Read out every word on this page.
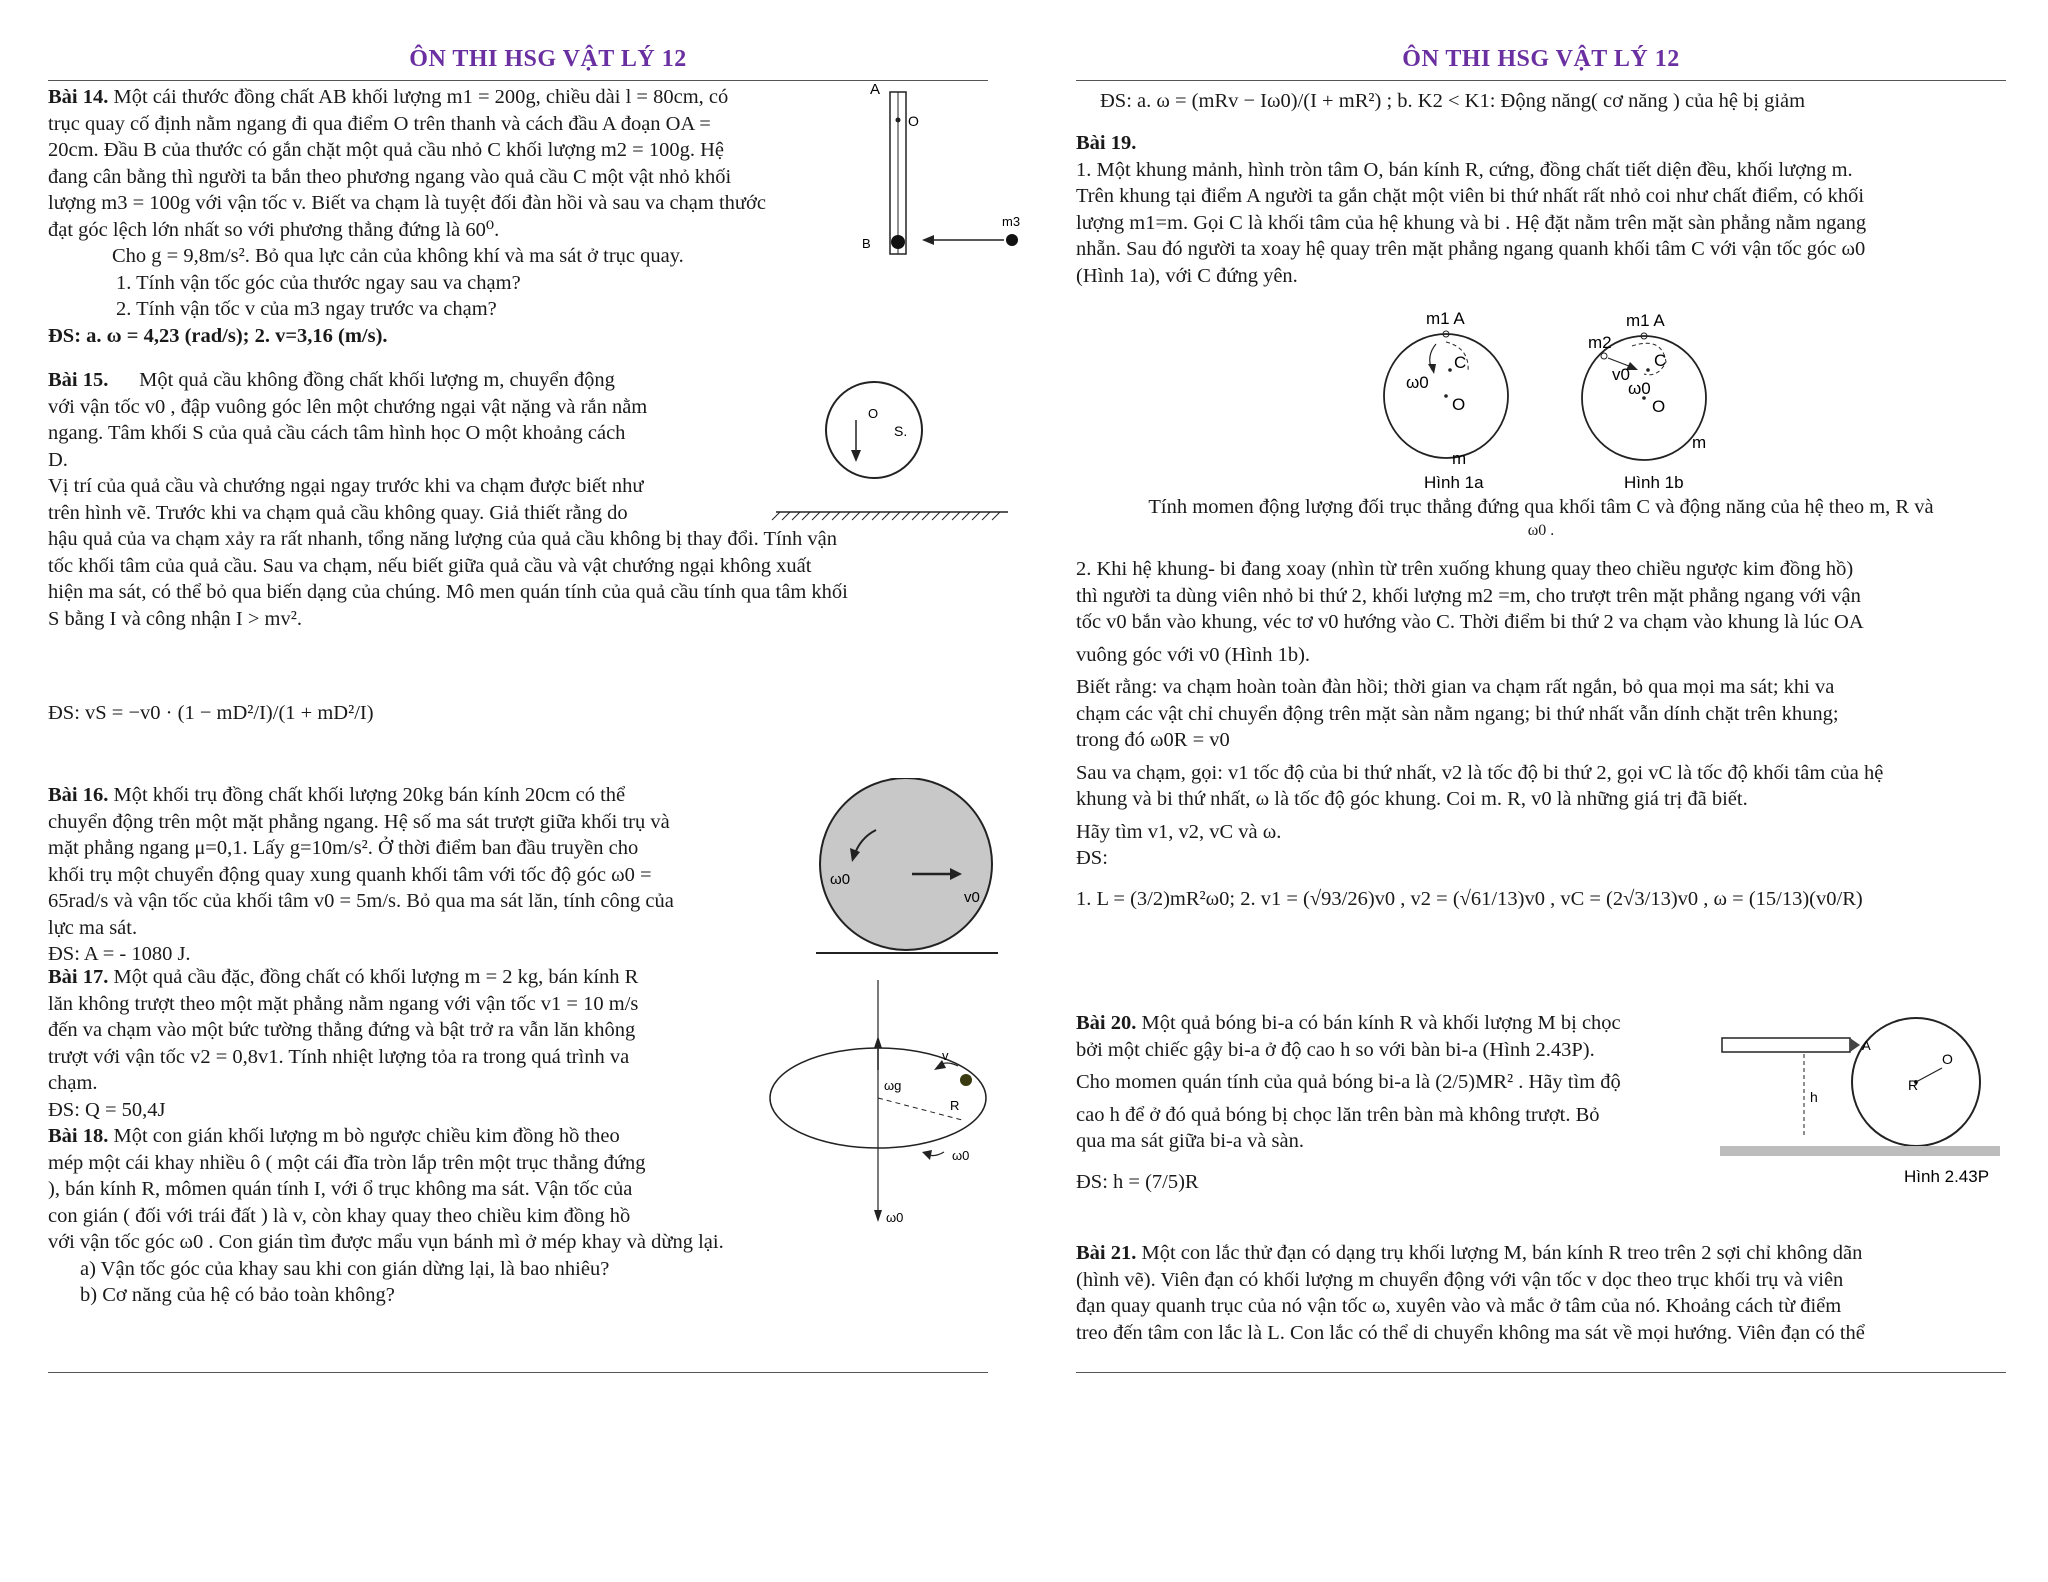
ÔN THI HSG VẬT LÝ 12

Bài 14. Một cái thước đồng chất AB khối lượng m1 = 200g, chiều dài l = 80cm, có

trục quay cố định nằm ngang đi qua điểm O trên thanh và cách đầu A đoạn OA =

20cm. Đầu B của thước có gắn chặt một quả cầu nhỏ C khối lượng m2 = 100g. Hệ

đang cân bằng thì người ta bắn theo phương ngang vào quả cầu C một vật nhỏ khối

lượng m3 = 100g với vận tốc v. Biết va chạm là tuyệt đối đàn hồi và sau va chạm thước

đạt góc lệch lớn nhất so với phương thẳng đứng là 60⁰.

Cho g = 9,8m/s². Bỏ qua lực cản của không khí và ma sát ở trục quay.

1. Tính vận tốc góc của thước ngay sau va chạm?

2. Tính vận tốc v của m3 ngay trước va chạm?

ĐS: a. ω = 4,23 (rad/s); 2. v=3,16 (m/s).

A
O
B
m3

Bài 15. Một quả cầu không đồng chất khối lượng m, chuyển động

với vận tốc v0 , đập vuông góc lên một chướng ngại vật nặng và rắn nằm

ngang. Tâm khối S của quả cầu cách tâm hình học O một khoảng cách

D.

Vị trí của quả cầu và chướng ngại ngay trước khi va chạm được biết như

trên hình vẽ. Trước khi va chạm quả cầu không quay. Giả thiết rằng do

hậu quả của va chạm xảy ra rất nhanh, tổng năng lượng của quả cầu không bị thay đổi. Tính vận

tốc khối tâm của quả cầu. Sau va chạm, nếu biết giữa quả cầu và vật chướng ngại không xuất

hiện ma sát, có thể bỏ qua biến dạng của chúng. Mô men quán tính của quả cầu tính qua tâm khối

S bằng I và công nhận I > mv².

ĐS: vS = −v0 · (1 − mD²/I)/(1 + mD²/I)

O
S.

Bài 16. Một khối trụ đồng chất khối lượng 20kg bán kính 20cm có thể

chuyển động trên một mặt phẳng ngang. Hệ số ma sát trượt giữa khối trụ và

mặt phẳng ngang μ=0,1. Lấy g=10m/s². Ở thời điểm ban đầu truyền cho

khối trụ một chuyển động quay xung quanh khối tâm với tốc độ góc ω0 =

65rad/s và vận tốc của khối tâm v0 = 5m/s. Bỏ qua ma sát lăn, tính công của

lực ma sát.

ĐS: A = - 1080 J.

ω0
v0

Bài 17. Một quả cầu đặc, đồng chất có khối lượng m = 2 kg, bán kính R

lăn không trượt theo một mặt phẳng nằm ngang với vận tốc v1 = 10 m/s

đến va chạm vào một bức tường thẳng đứng và bật trở ra vẫn lăn không

trượt với vận tốc v2 = 0,8v1. Tính nhiệt lượng tỏa ra trong quá trình va

chạm.

ĐS: Q = 50,4J

Bài 18. Một con gián khối lượng m bò ngược chiều kim đồng hồ theo

mép một cái khay nhiều ô ( một cái đĩa tròn lắp trên một trục thẳng đứng

), bán kính R, mômen quán tính I, với ổ trục không ma sát. Vận tốc của

con gián ( đối với trái đất ) là v, còn khay quay theo chiều kim đồng hồ

với vận tốc góc ω0 . Con gián tìm được mẩu vụn bánh mì ở mép khay và dừng lại.

a) Vận tốc góc của khay sau khi con gián dừng lại, là bao nhiêu?

b) Cơ năng của hệ có bảo toàn không?

v
ωg
R
ω0
ω0
ÔN THI HSG VẬT LÝ 12

ĐS: a. ω = (mRv − Iω0)/(I + mR²) ; b. K2 < K1: Động năng( cơ năng ) của hệ bị giảm

Bài 19.

1. Một khung mảnh, hình tròn tâm O, bán kính R, cứng, đồng chất tiết diện đều, khối lượng m.

Trên khung tại điểm A người ta gắn chặt một viên bi thứ nhất rất nhỏ coi như chất điểm, có khối

lượng m1=m. Gọi C là khối tâm của hệ khung và bi . Hệ đặt nằm trên mặt sàn phẳng nằm ngang

nhẵn. Sau đó người ta xoay hệ quay trên mặt phẳng ngang quanh khối tâm C với vận tốc góc ω0

(Hình 1a), với C đứng yên.

m1 A
C
O
ω0
m
Hình 1a
m1 A
m2
C
v0
ω0
O
m
Hình 1b

Tính momen động lượng đối trục thẳng đứng qua khối tâm C và động năng của hệ theo m, R và

ω0 .

2. Khi hệ khung- bi đang xoay (nhìn từ trên xuống khung quay theo chiều ngược kim đồng hồ)

thì người ta dùng viên nhỏ bi thứ 2, khối lượng m2 =m, cho trượt trên mặt phẳng ngang với vận

tốc v0 bắn vào khung, véc tơ v0 hướng vào C. Thời điểm bi thứ 2 va chạm vào khung là lúc OA

vuông góc với v0 (Hình 1b).

Biết rằng: va chạm hoàn toàn đàn hồi; thời gian va chạm rất ngắn, bỏ qua mọi ma sát; khi va

chạm các vật chỉ chuyển động trên mặt sàn nằm ngang; bi thứ nhất vẫn dính chặt trên khung;

trong đó ω0R = v0

Sau va chạm, gọi: v1 tốc độ của bi thứ nhất, v2 là tốc độ bi thứ 2, gọi vC là tốc độ khối tâm của hệ

khung và bi thứ nhất, ω là tốc độ góc khung. Coi m. R, v0 là những giá trị đã biết.

Hãy tìm v1, v2, vC và ω.

ĐS:

1. L = (3/2)mR²ω0; 2. v1 = (√93/26)v0 , v2 = (√61/13)v0 , vC = (2√3/13)v0 , ω = (15/13)(v0/R)

Bài 20. Một quả bóng bi-a có bán kính R và khối lượng M bị chọc

bởi một chiếc gậy bi-a ở độ cao h so với bàn bi-a (Hình 2.43P).

Cho momen quán tính của quả bóng bi-a là (2/5)MR² . Hãy tìm độ

cao h để ở đó quả bóng bị chọc lăn trên bàn mà không trượt. Bỏ

qua ma sát giữa bi-a và sàn.

ĐS: h = (7/5)R

A
O
R
h
Hình 2.43P

Bài 21. Một con lắc thử đạn có dạng trụ khối lượng M, bán kính R treo trên 2 sợi chỉ không dãn

(hình vẽ). Viên đạn có khối lượng m chuyển động với vận tốc v dọc theo trục khối trụ và viên

đạn quay quanh trục của nó vận tốc ω, xuyên vào và mắc ở tâm của nó. Khoảng cách từ điểm

treo đến tâm con lắc là L. Con lắc có thể di chuyển không ma sát về mọi hướng. Viên đạn có thể
